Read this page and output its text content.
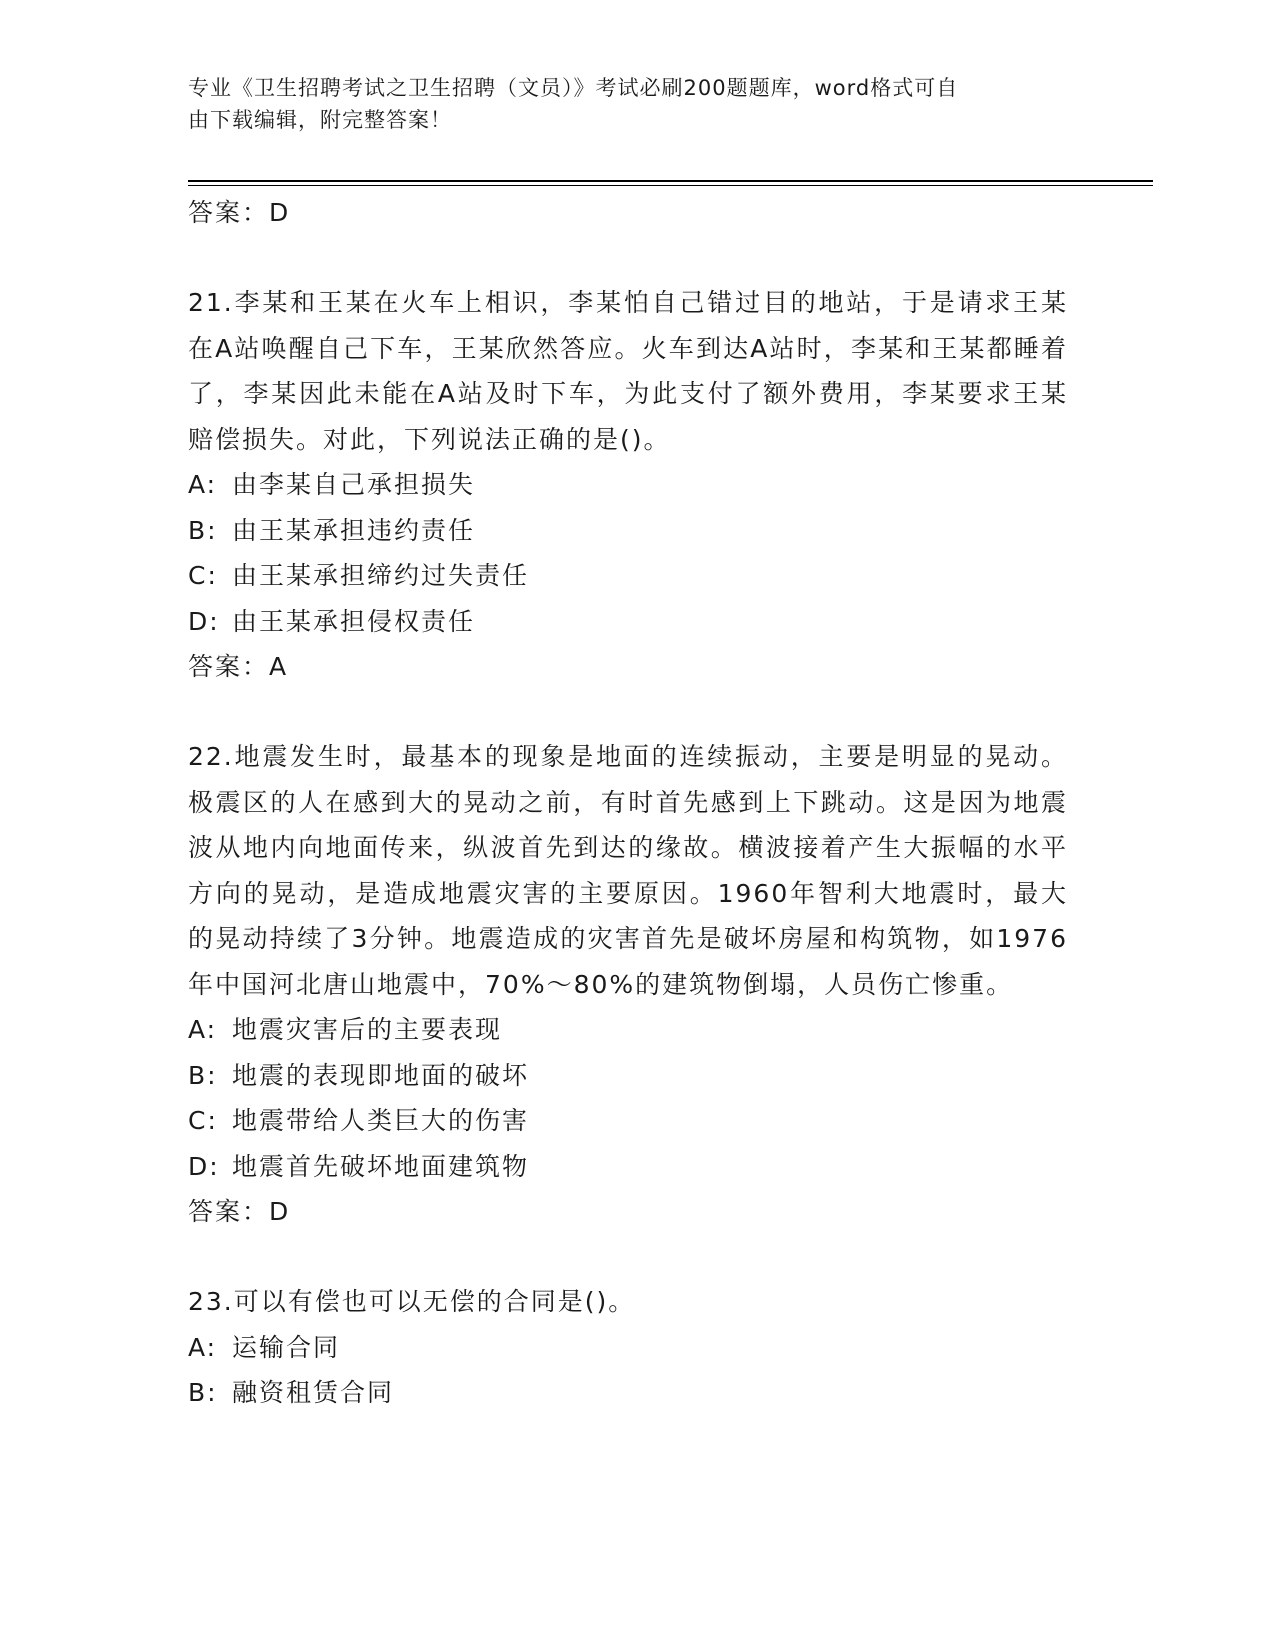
专业《卫生招聘考试之卫生招聘（文员）》考试必刷200题题库，word格式可自
由下载编辑，附完整答案！
答案：D
21.李某和王某在火车上相识，李某怕自己错过目的地站，于是请求王某在A站唤醒自己下车，王某欣然答应。火车到达A站时，李某和王某都睡着了，李某因此未能在A站及时下车，为此支付了额外费用，李某要求王某赔偿损失。对此，下列说法正确的是()。
A: 由李某自己承担损失
B: 由王某承担违约责任
C: 由王某承担缔约过失责任
D: 由王某承担侵权责任
答案：A
22.地震发生时，最基本的现象是地面的连续振动，主要是明显的晃动。极震区的人在感到大的晃动之前，有时首先感到上下跳动。这是因为地震波从地内向地面传来，纵波首先到达的缘故。横波接着产生大振幅的水平方向的晃动，是造成地震灾害的主要原因。1960年智利大地震时，最大的晃动持续了3分钟。地震造成的灾害首先是破坏房屋和构筑物，如1976年中国河北唐山地震中，70%～80%的建筑物倒塌，人员伤亡惨重。
A: 地震灾害后的主要表现
B: 地震的表现即地面的破坏
C: 地震带给人类巨大的伤害
D: 地震首先破坏地面建筑物
答案：D
23.可以有偿也可以无偿的合同是()。
A: 运输合同
B: 融资租赁合同
